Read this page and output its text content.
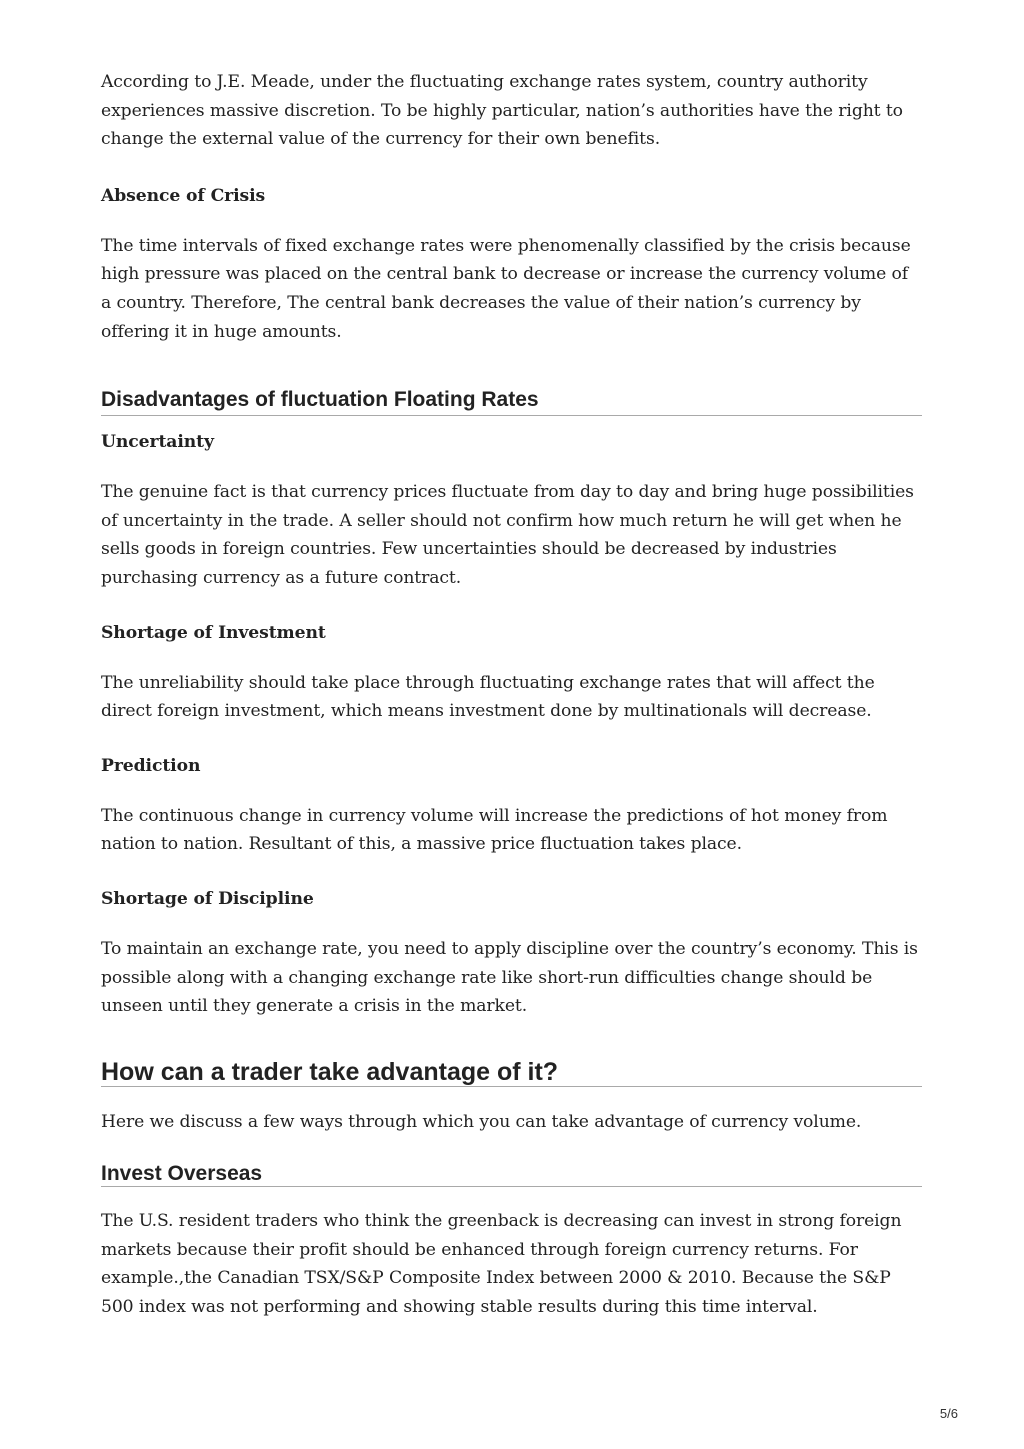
According to J.E. Meade, under the fluctuating exchange rates system, country authority experiences massive discretion. To be highly particular, nation’s authorities have the right to change the external value of the currency for their own benefits.

Absence of Crisis

The time intervals of fixed exchange rates were phenomenally classified by the crisis because high pressure was placed on the central bank to decrease or increase the currency volume of a country. Therefore, The central bank decreases the value of their nation’s currency by offering it in huge amounts.

Disadvantages of fluctuation Floating Rates
Uncertainty

The genuine fact is that currency prices fluctuate from day to day and bring huge possibilities of uncertainty in the trade. A seller should not confirm how much return he will get when he sells goods in foreign countries. Few uncertainties should be decreased by industries purchasing currency as a future contract.

Shortage of Investment

The unreliability should take place through fluctuating exchange rates that will affect the direct foreign investment, which means investment done by multinationals will decrease.

Prediction

The continuous change in currency volume will increase the predictions of hot money from nation to nation. Resultant of this, a massive price fluctuation takes place.

Shortage of Discipline

To maintain an exchange rate, you need to apply discipline over the country’s economy. This is possible along with a changing exchange rate like short-run difficulties change should be unseen until they generate a crisis in the market.

How can a trader take advantage of it?

Here we discuss a few ways through which you can take advantage of currency volume.

Invest Overseas

The U.S. resident traders who think the greenback is decreasing can invest in strong foreign markets because their profit should be enhanced through foreign currency returns. For example.,the Canadian TSX/S&P Composite Index between 2000 & 2010. Because the S&P 500 index was not performing and showing stable results during this time interval.

5/6
